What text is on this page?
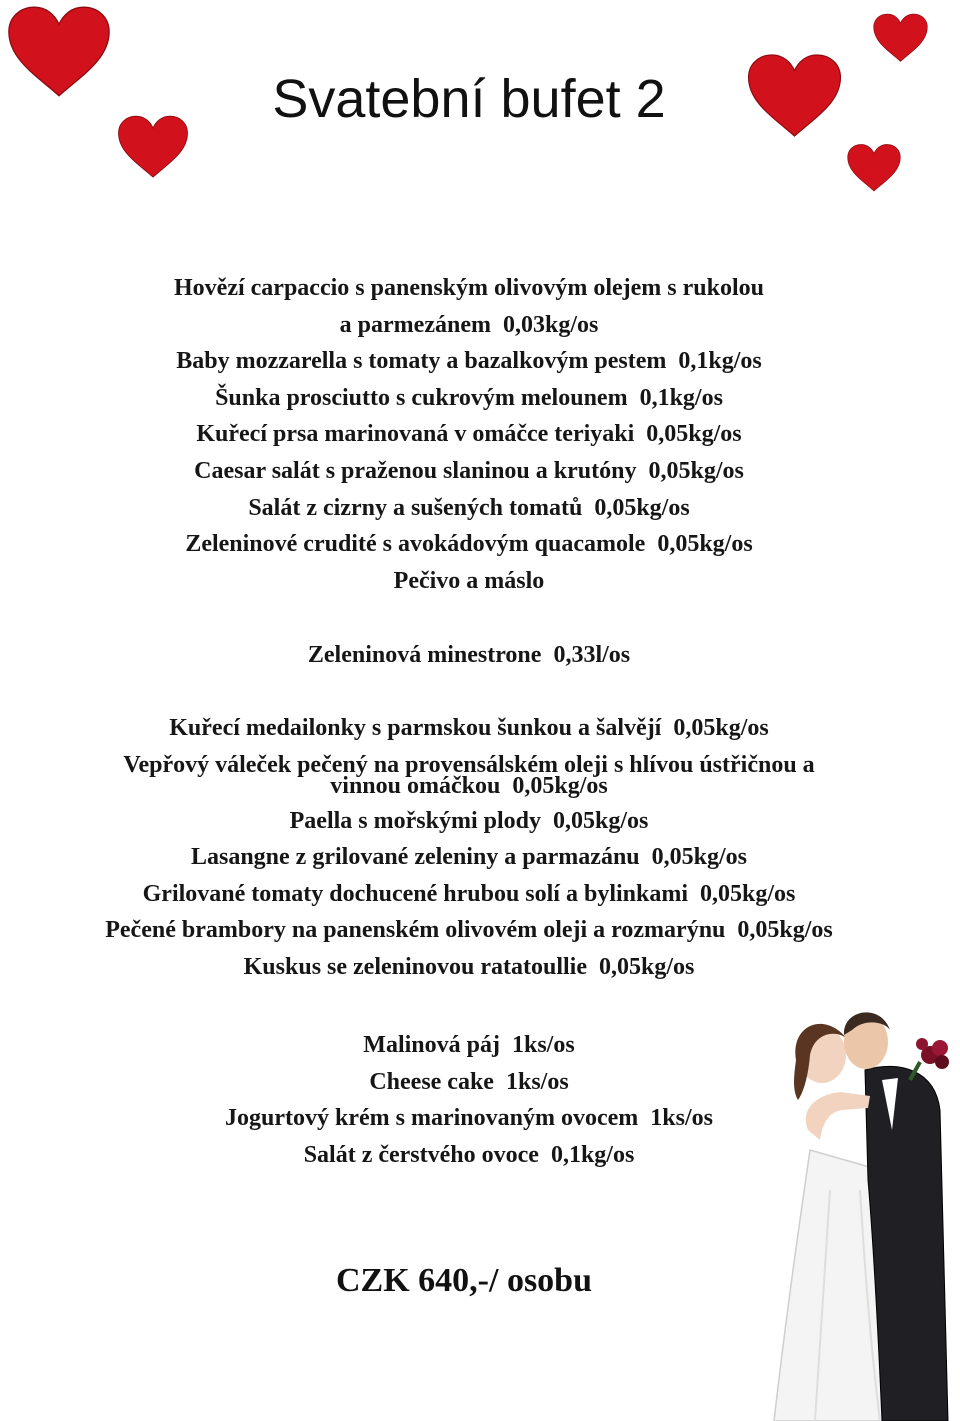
Svatební bufet 2
Hovězí carpaccio s panenským olivovým olejem s rukolou
a parmezánem 0,03kg/os
Baby mozzarella s tomaty a bazalkovým pestem 0,1kg/os
Šunka prosciutto s cukrovým melounem 0,1kg/os
Kuřecí prsa marinovaná v omáčce teriyaki 0,05kg/os
Caesar salát s praženou slaninou a krutóny 0,05kg/os
Salát z cizrny a sušených tomatů 0,05kg/os
Zeleninové crudité s avokádovým quacamole 0,05kg/os
Pečivo a máslo
Zeleninová minestrone 0,33l/os
Kuřecí medailonky s parmskou šunkou a šalvějí 0,05kg/os
Vepřový váleček pečený na provensálském oleji s hlívou ústřičnou a
vinnou omáčkou 0,05kg/os
Paella s mořskými plody 0,05kg/os
Lasangne z grilované zeleniny a parmazánu 0,05kg/os
Grilované tomaty dochucené hrubou solí a bylinkami 0,05kg/os
Pečené brambory na panenském olivovém oleji a rozmarýnu 0,05kg/os
Kuskus se zeleninovou ratatoullie 0,05kg/os
Malinová páj 1ks/os
Cheese cake 1ks/os
Jogurtový krém s marinovaným ovocem 1ks/os
Salát z čerstvého ovoce 0,1kg/os
CZK 640,-/ osobu
